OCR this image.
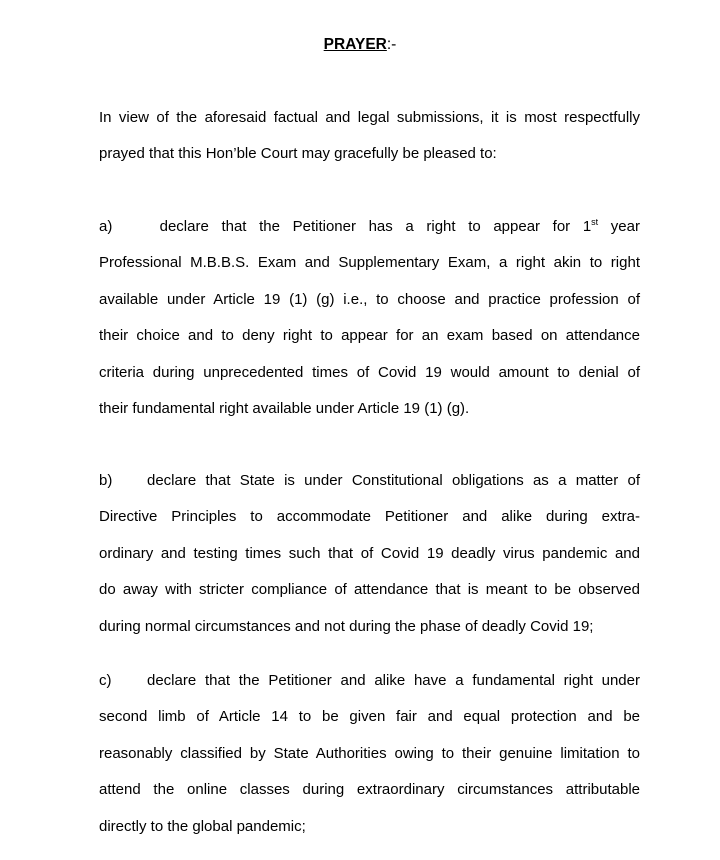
PRAYER:-
In view of the aforesaid factual and legal submissions, it is most respectfully
prayed that this Hon’ble Court may gracefully be pleased to:
a)	declare that the Petitioner has a right to appear for 1st year
Professional M.B.B.S. Exam and Supplementary Exam, a right akin to right
available under Article 19 (1) (g) i.e., to choose and practice profession of
their choice and to deny right to appear for an exam based on attendance
criteria during unprecedented times of Covid 19 would amount to denial of
their fundamental right available under Article 19 (1) (g).
b) declare that State is under Constitutional obligations as a matter of
Directive Principles to accommodate Petitioner and alike during extra-
ordinary and testing times such that of Covid 19 deadly virus pandemic and
do away with stricter compliance of attendance that is meant to be observed
during normal circumstances and not during the phase of deadly Covid 19;
c) declare that the Petitioner and alike have a fundamental right under
second limb of Article 14 to be given fair and equal protection and be
reasonably classified by State Authorities owing to their genuine limitation to
attend the online classes during extraordinary circumstances attributable
directly to the global pandemic;
